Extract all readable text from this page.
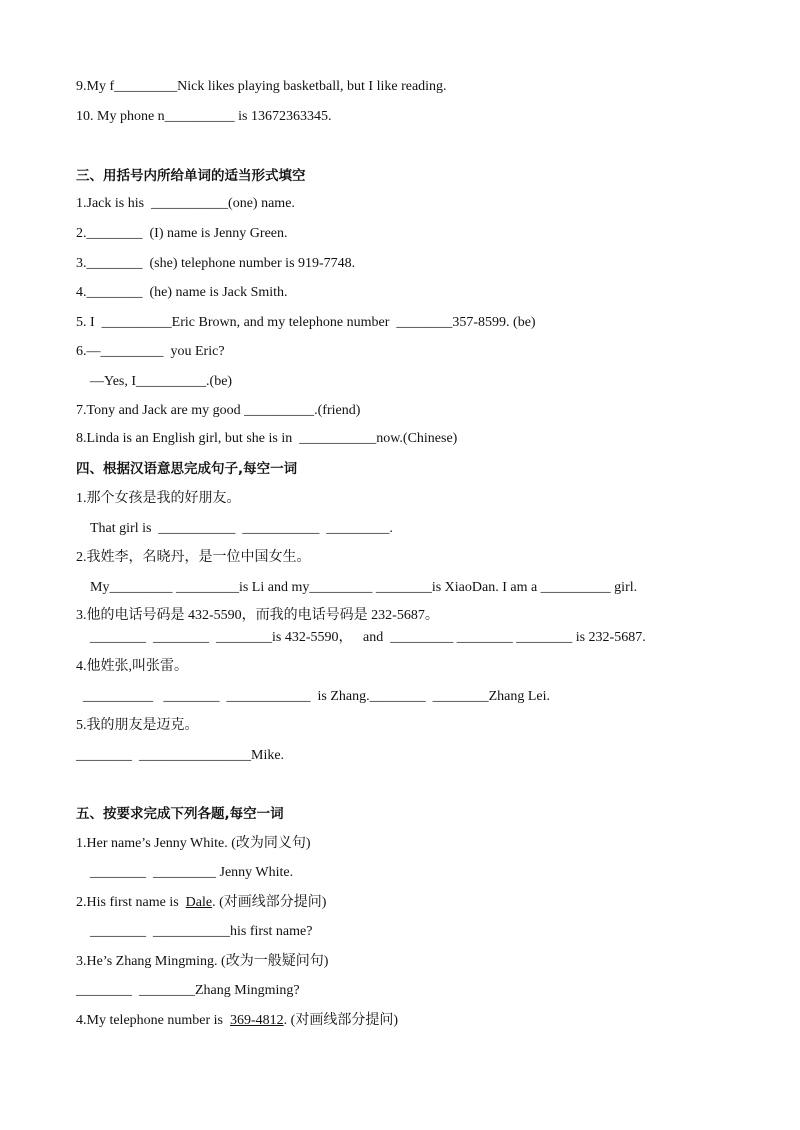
9.My f_________Nick likes playing basketball, but I like reading.
10. My phone n__________ is 13672363345.
三、用括号内所给单词的适当形式填空
1.Jack is his  ___________(one) name.
2.________  (I) name is Jenny Green.
3.________  (she) telephone number is 919-7748.
4.________  (he) name is Jack Smith.
5. I  __________Eric Brown, and my telephone number  ________357-8599. (be)
6.—_________  you Eric?
—Yes, I__________.(be)
7.Tony and Jack are my good __________.(friend)
8.Linda is an English girl, but she is in  ___________now.(Chinese)
四、根据汉语意思完成句子,每空一词
1.那个女孩是我的好朋友。
That girl is  ___________  ___________  _________.
2.我姓李，名晓丹，是一位中国女生。
My_________ _________is Li and my_________ ________is XiaoDan. I am a __________ girl.
3.他的电话号码是 432-5590，而我的电话号码是 232-5687。
________  ________  ________is 432-5590，   and  _________ ________ ________ is 232-5687.
4.他姓张,叫张雷。
__________   ________  ____________  is Zhang.________  ________Zhang Lei.
5.我的朋友是迈克。
________  ________________Mike.
五、按要求完成下列各题,每空一词
1.Her name’s Jenny White. (改为同义句)
________  _________ Jenny White.
2.His first name is  Dale. (对画线部分提问)
________  ___________his first name?
3.He’s Zhang Mingming. (改为一般疑问句)
________  ________Zhang Mingming?
4.My telephone number is  369-4812. (对画线部分提问)
